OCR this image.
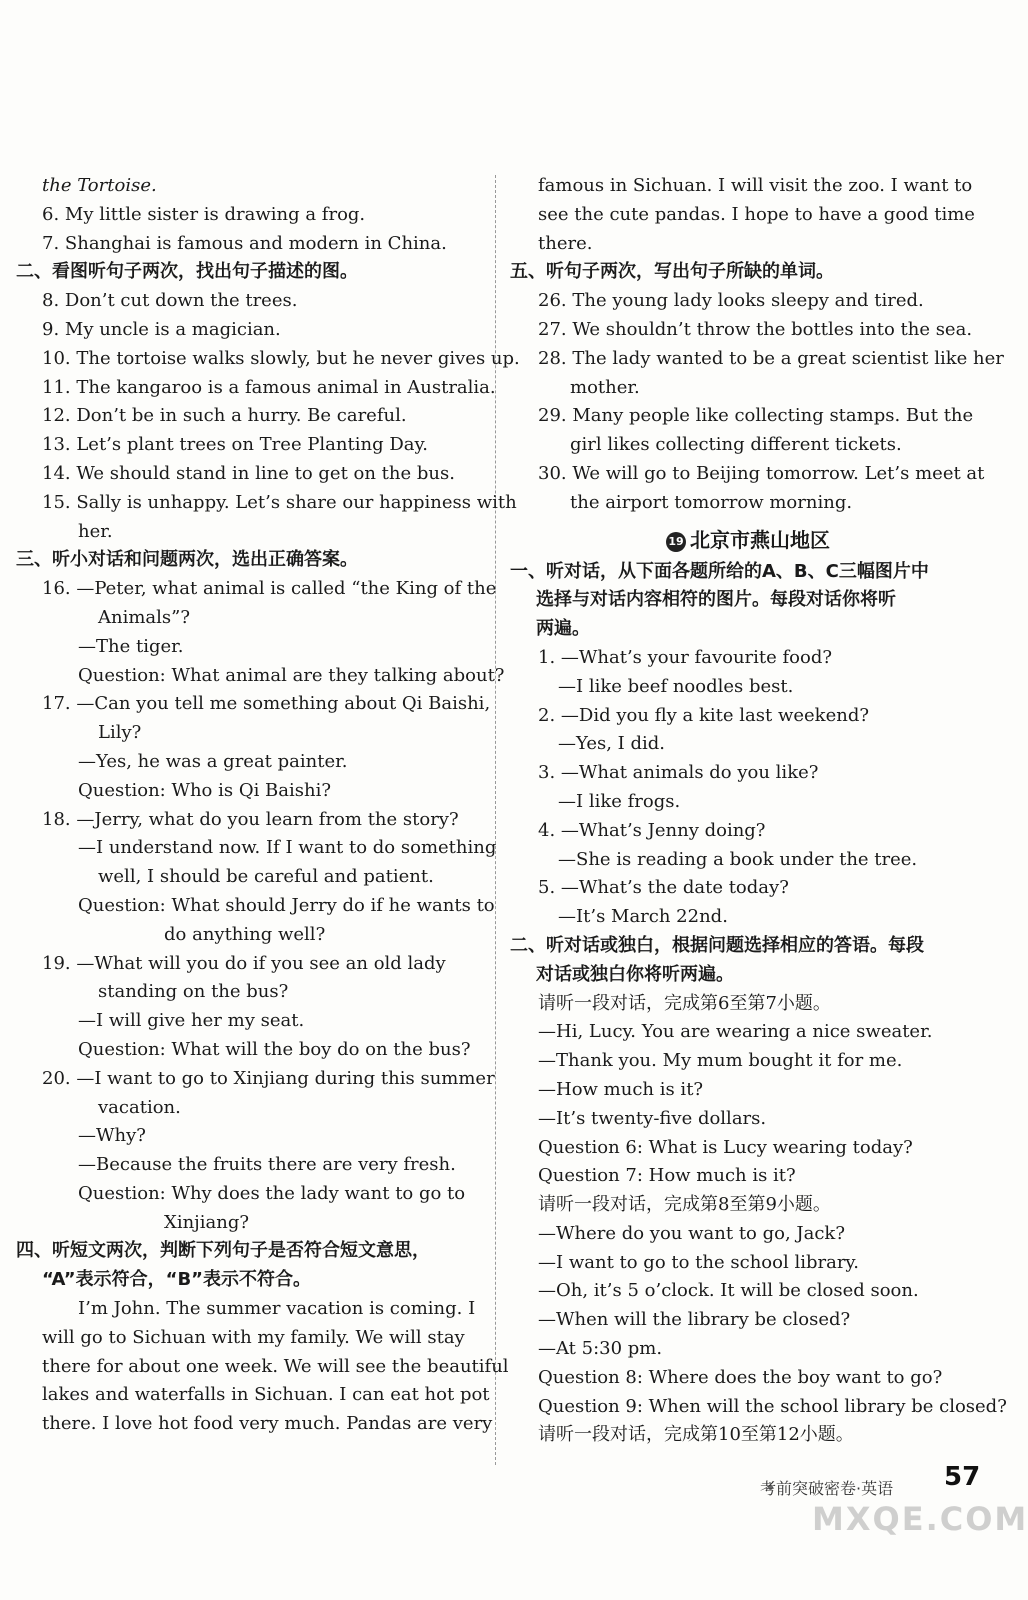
the Tortoise.
6. My little sister is drawing a frog.
7. Shanghai is famous and modern in China.
二、看图听句子两次，找出句子描述的图。
8. Don’t cut down the trees.
9. My uncle is a magician.
10. The tortoise walks slowly, but he never gives up.
11. The kangaroo is a famous animal in Australia.
12. Don’t be in such a hurry. Be careful.
13. Let’s plant trees on Tree Planting Day.
14. We should stand in line to get on the bus.
15. Sally is unhappy. Let’s share our happiness with
her.
三、听小对话和问题两次，选出正确答案。
16. —Peter, what animal is called “the King of the
Animals”?
—The tiger.
Question: What animal are they talking about?
17. —Can you tell me something about Qi Baishi,
Lily?
—Yes, he was a great painter.
Question: Who is Qi Baishi?
18. —Jerry, what do you learn from the story?
—I understand now. If I want to do something
well, I should be careful and patient.
Question: What should Jerry do if he wants to
do anything well?
19. —What will you do if you see an old lady
standing on the bus?
—I will give her my seat.
Question: What will the boy do on the bus?
20. —I want to go to Xinjiang during this summer
vacation.
—Why?
—Because the fruits there are very fresh.
Question: Why does the lady want to go to
Xinjiang?
四、听短文两次，判断下列句子是否符合短文意思，
“A”表示符合，“B”表示不符合。
I’m John. The summer vacation is coming. I
will go to Sichuan with my family. We will stay
there for about one week. We will see the beautiful
lakes and waterfalls in Sichuan. I can eat hot pot
there. I love hot food very much. Pandas are very
famous in Sichuan. I will visit the zoo. I want to
see the cute pandas. I hope to have a good time
there.
五、听句子两次，写出句子所缺的单词。
26. The young lady looks sleepy and tired.
27. We shouldn’t throw the bottles into the sea.
28. The lady wanted to be a great scientist like her
mother.
29. Many people like collecting stamps. But the
girl likes collecting different tickets.
30. We will go to Beijing tomorrow. Let’s meet at
the airport tomorrow morning.
19 北京市燕山地区
一、听对话，从下面各题所给的A、B、C三幅图片中
选择与对话内容相符的图片。每段对话你将听
两遍。
1. —What’s your favourite food?
—I like beef noodles best.
2. —Did you fly a kite last weekend?
—Yes, I did.
3. —What animals do you like?
—I like frogs.
4. —What’s Jenny doing?
—She is reading a book under the tree.
5. —What’s the date today?
—It’s March 22nd.
二、听对话或独白，根据问题选择相应的答语。每段
对话或独白你将听两遍。
请听一段对话，完成第6至第7小题。
—Hi, Lucy. You are wearing a nice sweater.
—Thank you. My mum bought it for me.
—How much is it?
—It’s twenty-five dollars.
Question 6: What is Lucy wearing today?
Question 7: How much is it?
请听一段对话，完成第8至第9小题。
—Where do you want to go, Jack?
—I want to go to the school library.
—Oh, it’s 5 o’clock. It will be closed soon.
—When will the library be closed?
—At 5:30 pm.
Question 8: Where does the boy want to go?
Question 9: When will the school library be closed?
请听一段对话，完成第10至第12小题。
考前突破密卷·英语 57
MXQE.COM
